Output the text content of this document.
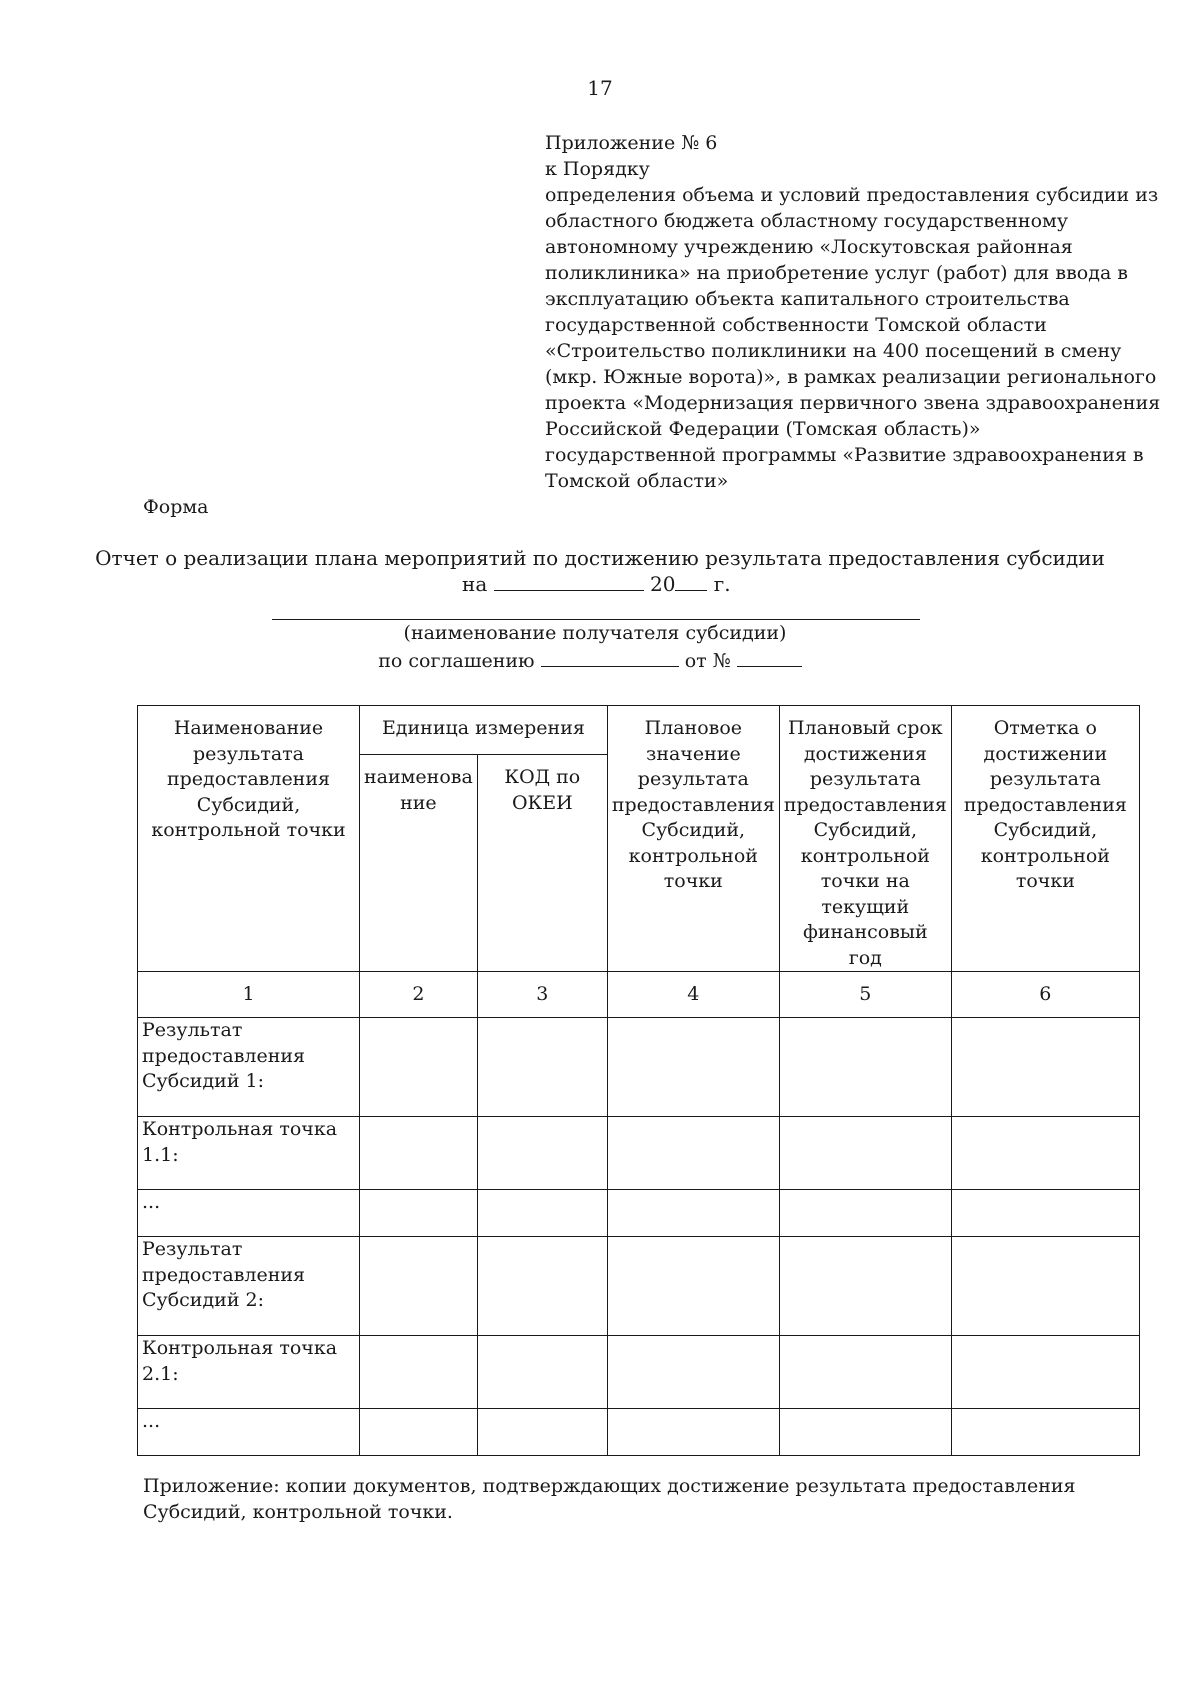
17
Приложение № 6
к Порядку
определения объема и условий предоставления субсидии из
областного бюджета областному государственному
автономному учреждению «Лоскутовская районная
поликлиника» на приобретение услуг (работ) для ввода в
эксплуатацию объекта капитального строительства
государственной собственности Томской области
«Строительство поликлиники на 400 посещений в смену
(мкр. Южные ворота)», в рамках реализации регионального
проекта «Модернизация первичного звена здравоохранения
Российской Федерации (Томская область)»
государственной программы «Развитие здравоохранения в
Томской области»
Форма
Отчет о реализации плана мероприятий по достижению результата предоставления субсидии
на	20 г.
(наименование получателя субсидии)
по соглашению	от №
Наименование результата предоставления Субсидий, контрольной точки	Единица измерения		Плановое значение результата предоставления Субсидий, контрольной точки	Плановый срок достижения результата предоставления Субсидий, контрольной точки на текущий финансовый год	Отметка о достижении результата предоставления Субсидий, контрольной точки
	наименова ние	КОД по ОКЕИ			
1	2	3	4	5	6
Результат предоставления Субсидий 1:					
Контрольная точка 1.1:					
...					
Результат предоставления Субсидий 2:					
Контрольная точка 2.1:					
...					
Приложение: копии документов, подтверждающих достижение результата предоставления Субсидий, контрольной точки.
